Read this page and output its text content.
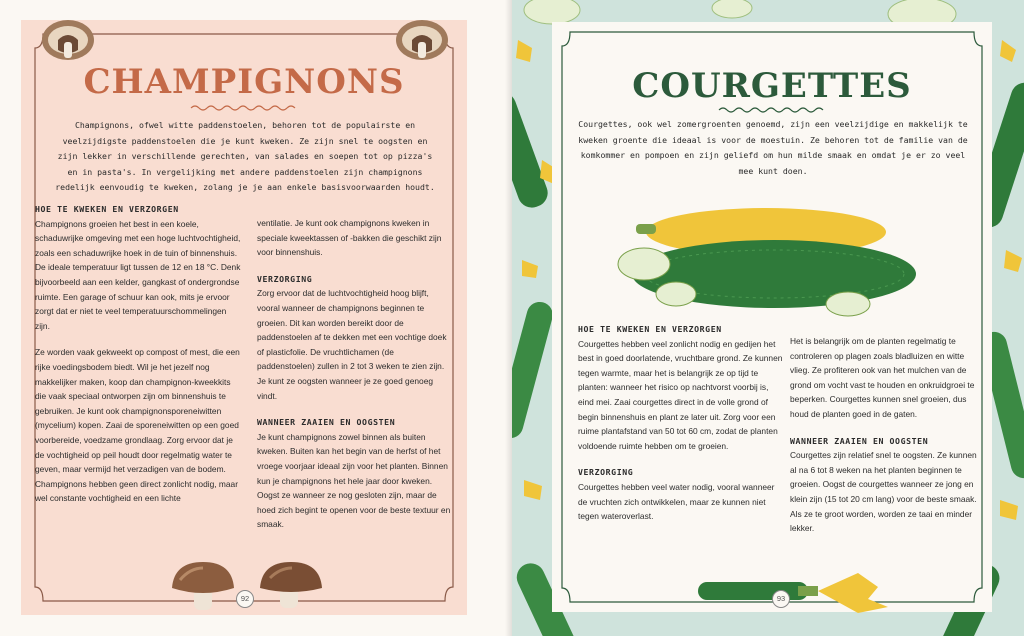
CHAMPIGNONS

Champignons, ofwel witte paddenstoelen, behoren tot de populairste en veelzijdigste paddenstoelen die je kunt kweken. Ze zijn snel te oogsten en zijn lekker in verschillende gerechten, van salades en soepen tot op pizza's en in pasta's. In vergelijking met andere paddenstoelen zijn champignons redelijk eenvoudig te kweken, zolang je je aan enkele basisvoorwaarden houdt.

HOE TE KWEKEN EN VERZORGEN

Champignons groeien het best in een koele, schaduwrijke omgeving met een hoge luchtvochtigheid, zoals een schaduwrijke hoek in de tuin of binnenshuis. De ideale temperatuur ligt tussen de 12 en 18 °C. Denk bijvoorbeeld aan een kelder, gangkast of ondergrondse ruimte. Een garage of schuur kan ook, mits je ervoor zorgt dat er niet te veel temperatuurschommelingen zijn.

Ze worden vaak gekweekt op compost of mest, die een rijke voedingsbodem biedt. Wil je het jezelf nog makkelijker maken, koop dan champignon-kweekkits die vaak speciaal ontworpen zijn om binnenshuis te gebruiken. Je kunt ook champignonsporeneiwitten (mycelium) kopen. Zaai de sporeneiwitten op een goed voorbereide, voedzame grondlaag. Zorg ervoor dat je de vochtigheid op peil houdt door regelmatig water te geven, maar vermijd het verzadigen van de bodem. Champignons hebben geen direct zonlicht nodig, maar wel constante vochtigheid en een lichte

ventilatie. Je kunt ook champignons kweken in speciale kweektassen of -bakken die geschikt zijn voor binnenshuis.

VERZORGING

Zorg ervoor dat de luchtvochtigheid hoog blijft, vooral wanneer de champignons beginnen te groeien. Dit kan worden bereikt door de paddenstoelen af te dekken met een vochtige doek of plasticfolie. De vruchtlichamen (de paddenstoelen) zullen in 2 tot 3 weken te zien zijn. Je kunt ze oogsten wanneer je ze goed genoeg vindt.

WANNEER ZAAIEN EN OOGSTEN

Je kunt champignons zowel binnen als buiten kweken. Buiten kan het begin van de herfst of het vroege voorjaar ideaal zijn voor het planten. Binnen kun je champignons het hele jaar door kweken. Oogst ze wanneer ze nog gesloten zijn, maar de hoed zich begint te openen voor de beste textuur en smaak.

92
COURGETTES

Courgettes, ook wel zomergroenten genoemd, zijn een veelzijdige en makkelijk te kweken groente die ideaal is voor de moestuin. Ze behoren tot de familie van de komkommer en pompoen en zijn geliefd om hun milde smaak en omdat je er zo veel mee kunt doen.

HOE TE KWEKEN EN VERZORGEN

Courgettes hebben veel zonlicht nodig en gedijen het best in goed doorlatende, vruchtbare grond. Ze kunnen tegen warmte, maar het is belangrijk ze op tijd te planten: wanneer het risico op nachtvorst voorbij is, eind mei. Zaai courgettes direct in de volle grond of begin binnenshuis en plant ze later uit. Zorg voor een ruime plantafstand van 50 tot 60 cm, zodat de planten voldoende ruimte hebben om te groeien.

VERZORGING

Courgettes hebben veel water nodig, vooral wanneer de vruchten zich ontwikkelen, maar ze kunnen niet tegen wateroverlast.

Het is belangrijk om de planten regelmatig te controleren op plagen zoals bladluizen en witte vlieg. Ze profiteren ook van het mulchen van de grond om vocht vast te houden en onkruidgroei te beperken. Courgettes kunnen snel groeien, dus houd de planten goed in de gaten.

WANNEER ZAAIEN EN OOGSTEN

Courgettes zijn relatief snel te oogsten. Ze kunnen al na 6 tot 8 weken na het planten beginnen te groeien. Oogst de courgettes wanneer ze jong en klein zijn (15 tot 20 cm lang) voor de beste smaak. Als ze te groot worden, worden ze taai en minder lekker.

93
